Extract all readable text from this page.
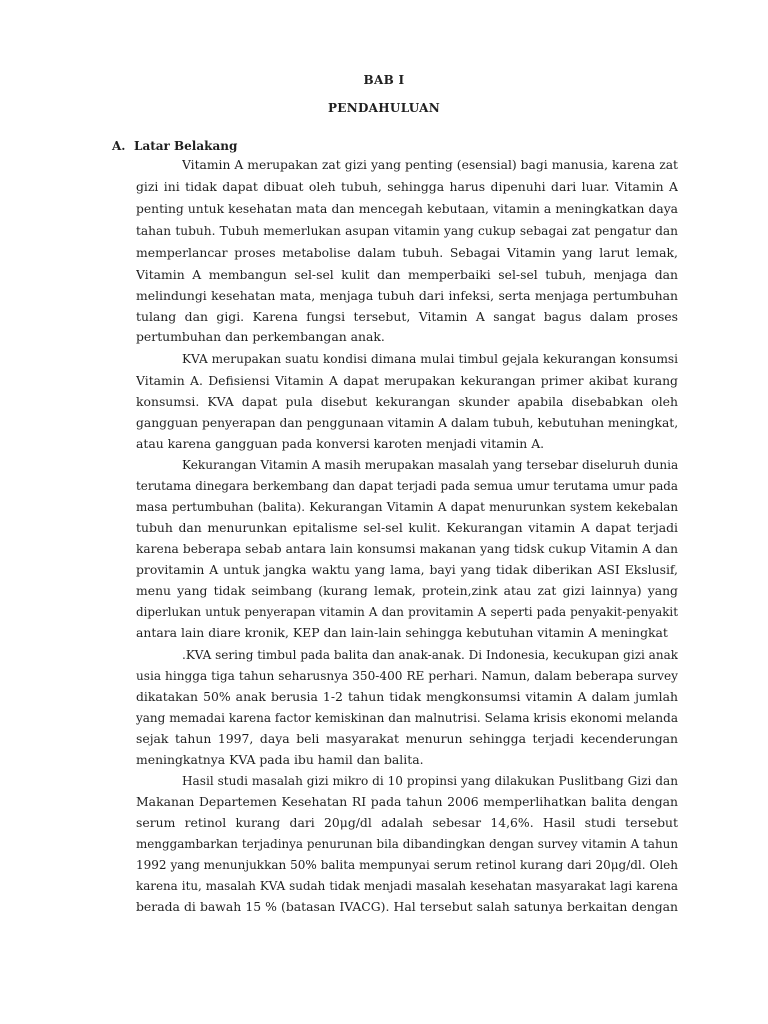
BAB I
PENDAHULUAN
A. Latar Belakang
Vitamin A merupakan zat gizi yang penting (esensial) bagi manusia, karena zat
gizi ini tidak dapat dibuat oleh tubuh, sehingga harus dipenuhi dari luar. Vitamin A
penting untuk kesehatan mata dan mencegah kebutaan, vitamin a meningkatkan daya
tahan tubuh. Tubuh memerlukan asupan vitamin yang cukup sebagai zat pengatur dan
memperlancar proses metabolise dalam tubuh. Sebagai Vitamin yang larut lemak,
Vitamin A membangun sel-sel kulit dan memperbaiki sel-sel tubuh, menjaga dan
melindungi kesehatan mata, menjaga tubuh dari infeksi, serta menjaga pertumbuhan
tulang dan gigi. Karena fungsi tersebut, Vitamin A sangat bagus dalam proses
pertumbuhan dan perkembangan anak.
KVA merupakan suatu kondisi dimana mulai timbul gejala kekurangan konsumsi
Vitamin A. Defisiensi Vitamin A dapat merupakan kekurangan primer akibat kurang
konsumsi. KVA dapat pula disebut kekurangan skunder apabila disebabkan oleh
gangguan penyerapan dan penggunaan vitamin A dalam tubuh, kebutuhan meningkat,
atau karena gangguan pada konversi karoten menjadi vitamin A.
Kekurangan Vitamin A masih merupakan masalah yang tersebar diseluruh dunia
terutama dinegara berkembang dan dapat terjadi pada semua umur terutama umur pada
masa pertumbuhan (balita). Kekurangan Vitamin A dapat menurunkan system kekebalan
tubuh dan menurunkan epitalisme sel-sel kulit. Kekurangan vitamin A dapat terjadi
karena beberapa sebab antara lain konsumsi makanan yang tidsk cukup Vitamin A dan
provitamin A untuk jangka waktu yang lama, bayi yang tidak diberikan ASI Ekslusif,
menu yang tidak seimbang (kurang lemak, protein,zink atau zat gizi lainnya) yang
diperlukan untuk penyerapan vitamin A dan provitamin A seperti pada penyakit-penyakit
antara lain diare kronik, KEP dan lain-lain sehingga kebutuhan vitamin A meningkat
.KVA sering timbul pada balita dan anak-anak. Di Indonesia, kecukupan gizi anak
usia hingga tiga tahun seharusnya 350-400 RE perhari. Namun, dalam beberapa survey
dikatakan 50% anak berusia 1-2 tahun tidak mengkonsumsi vitamin A dalam jumlah
yang memadai karena factor kemiskinan dan malnutrisi. Selama krisis ekonomi melanda
sejak tahun 1997, daya beli masyarakat menurun sehingga terjadi kecenderungan
meningkatnya KVA pada ibu hamil dan balita.
Hasil studi masalah gizi mikro di 10 propinsi yang dilakukan Puslitbang Gizi dan
Makanan Departemen Kesehatan RI pada tahun 2006 memperlihatkan balita dengan
serum retinol kurang dari 20μg/dl adalah sebesar 14,6%. Hasil studi tersebut
menggambarkan terjadinya penurunan bila dibandingkan dengan survey vitamin A tahun
1992 yang menunjukkan 50% balita mempunyai serum retinol kurang dari 20μg/dl. Oleh
karena itu, masalah KVA sudah tidak menjadi masalah kesehatan masyarakat lagi karena
berada di bawah 15 % (batasan IVACG). Hal tersebut salah satunya berkaitan dengan
